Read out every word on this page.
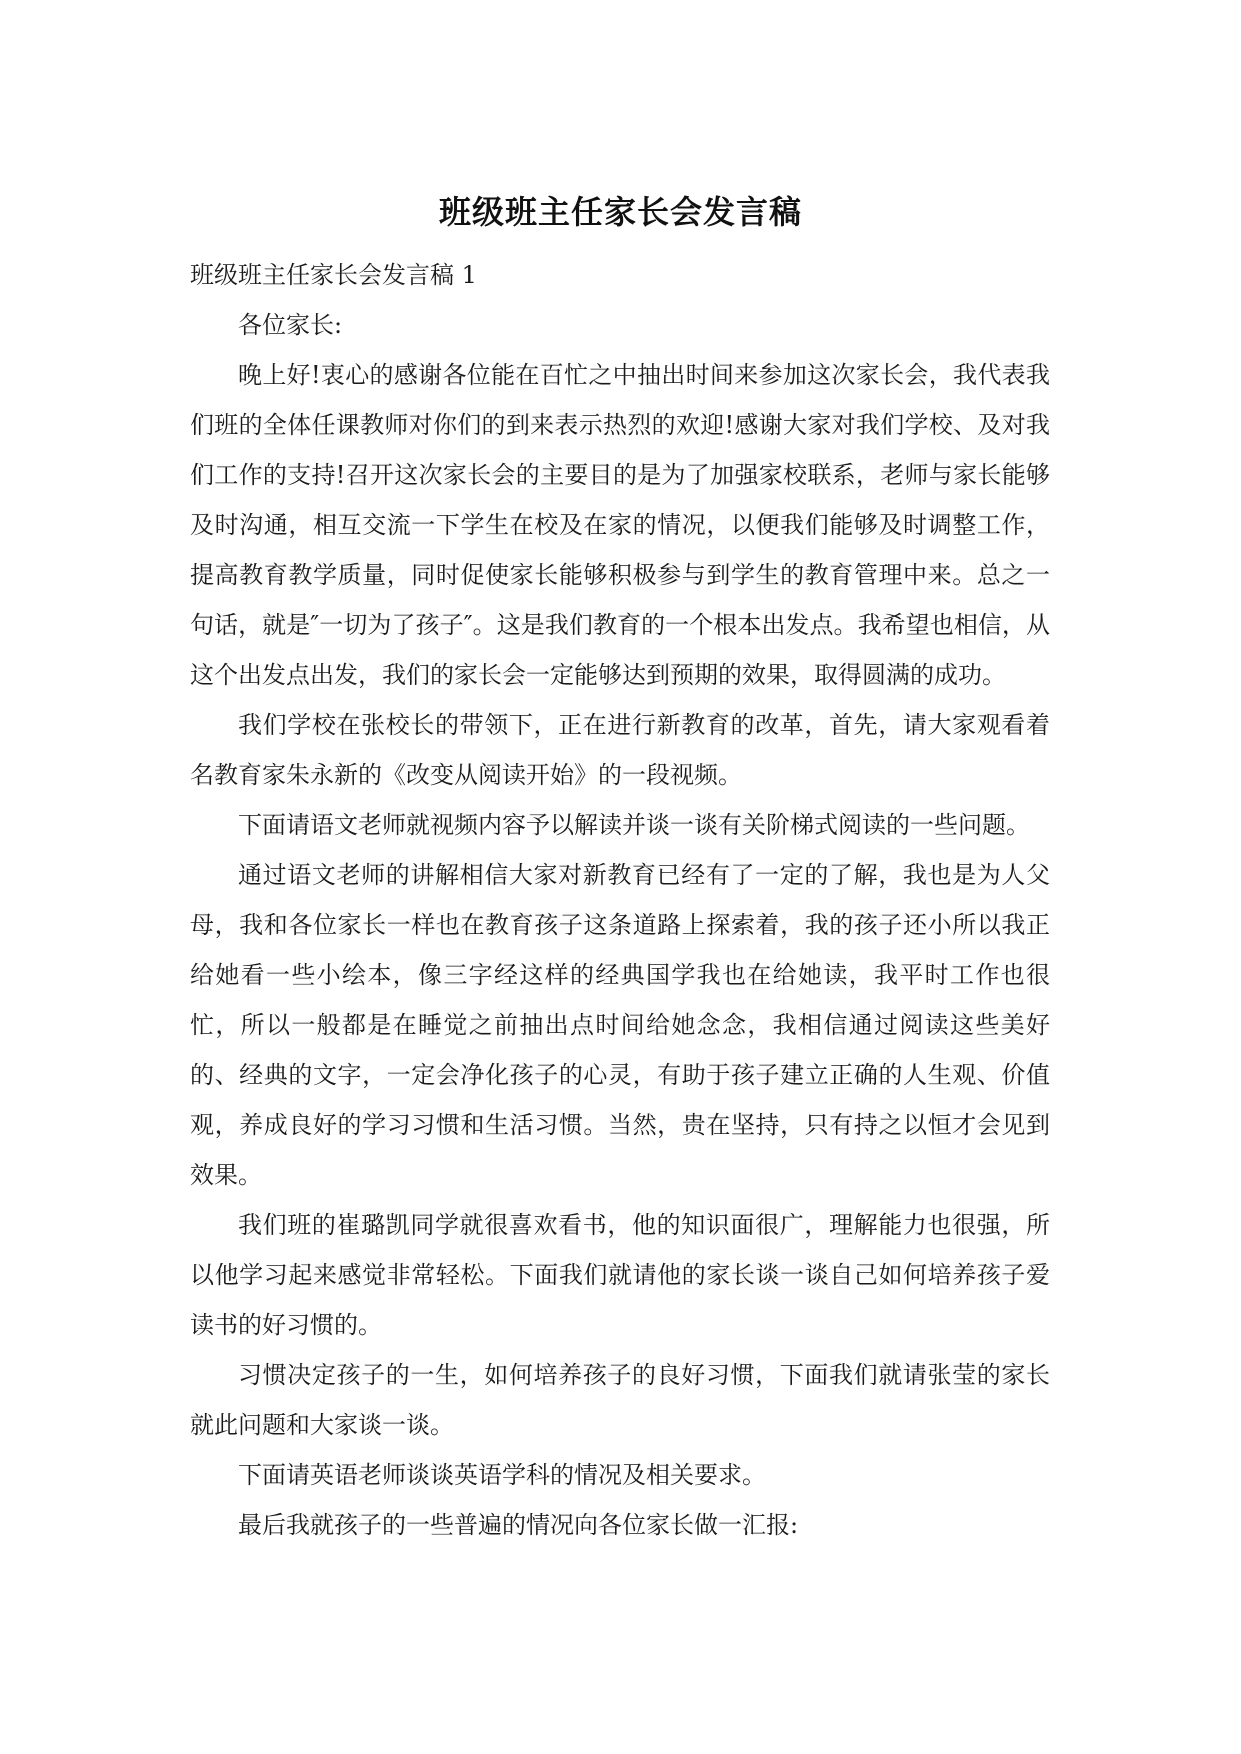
班级班主任家长会发言稿

班级班主任家长会发言稿 1

各位家长:

晚上好!衷心的感谢各位能在百忙之中抽出时间来参加这次家长会，我代表我们班的全体任课教师对你们的到来表示热烈的欢迎!感谢大家对我们学校、及对我们工作的支持!召开这次家长会的主要目的是为了加强家校联系，老师与家长能够及时沟通，相互交流一下学生在校及在家的情况，以便我们能够及时调整工作，提高教育教学质量，同时促使家长能够积极参与到学生的教育管理中来。总之一句话，就是″一切为了孩子″。这是我们教育的一个根本出发点。我希望也相信，从这个出发点出发，我们的家长会一定能够达到预期的效果，取得圆满的成功。

我们学校在张校长的带领下，正在进行新教育的改革，首先，请大家观看着名教育家朱永新的《改变从阅读开始》的一段视频。

下面请语文老师就视频内容予以解读并谈一谈有关阶梯式阅读的一些问题。

通过语文老师的讲解相信大家对新教育已经有了一定的了解，我也是为人父母，我和各位家长一样也在教育孩子这条道路上探索着，我的孩子还小所以我正给她看一些小绘本，像三字经这样的经典国学我也在给她读，我平时工作也很忙，所以一般都是在睡觉之前抽出点时间给她念念，我相信通过阅读这些美好的、经典的文字，一定会净化孩子的心灵，有助于孩子建立正确的人生观、价值观，养成良好的学习习惯和生活习惯。当然，贵在坚持，只有持之以恒才会见到效果。

我们班的崔璐凯同学就很喜欢看书，他的知识面很广，理解能力也很强，所以他学习起来感觉非常轻松。下面我们就请他的家长谈一谈自己如何培养孩子爱读书的好习惯的。

习惯决定孩子的一生，如何培养孩子的良好习惯，下面我们就请张莹的家长就此问题和大家谈一谈。

下面请英语老师谈谈英语学科的情况及相关要求。

最后我就孩子的一些普遍的情况向各位家长做一汇报:
